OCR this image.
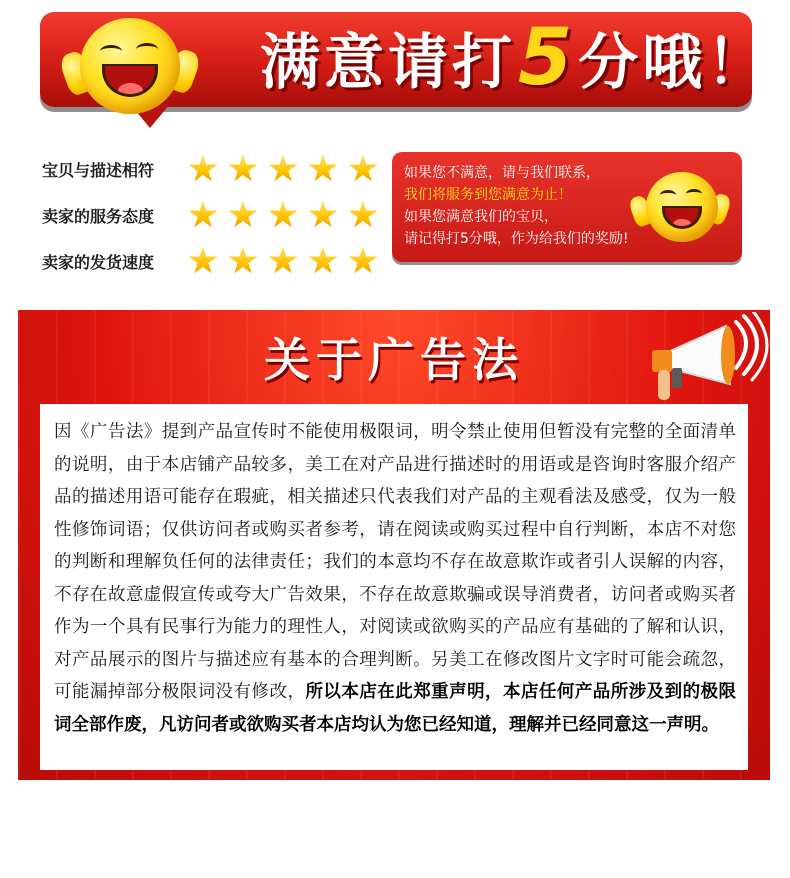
满意请打 5 分哦！
宝贝与描述相符
卖家的服务态度
卖家的发货速度
如果您不满意，请与我们联系，
我们将服务到您满意为止！
如果您满意我们的宝贝，
请记得打5分哦，作为给我们的奖励!
关于广告法

因《广告法》提到产品宣传时不能使用极限词，明令禁止使用但暂没有完整的全面清单的说明，由于本店铺产品较多，美工在对产品进行描述时的用语或是咨询时客服介绍产品的描述用语可能存在瑕疵，相关描述只代表我们对产品的主观看法及感受，仅为一般性修饰词语；仅供访问者或购买者参考，请在阅读或购买过程中自行判断，本店不对您的判断和理解负任何的法律责任；我们的本意均不存在故意欺诈或者引人误解的内容，不存在故意虚假宣传或夸大广告效果，不存在故意欺骗或误导消费者，访问者或购买者作为一个具有民事行为能力的理性人，对阅读或欲购买的产品应有基础的了解和认识，对产品展示的图片与描述应有基本的合理判断。另美工在修改图片文字时可能会疏忽，可能漏掉部分极限词没有修改，所以本店在此郑重声明，本店任何产品所涉及到的极限词全部作废，凡访问者或欲购买者本店均认为您已经知道，理解并已经同意这一声明。
